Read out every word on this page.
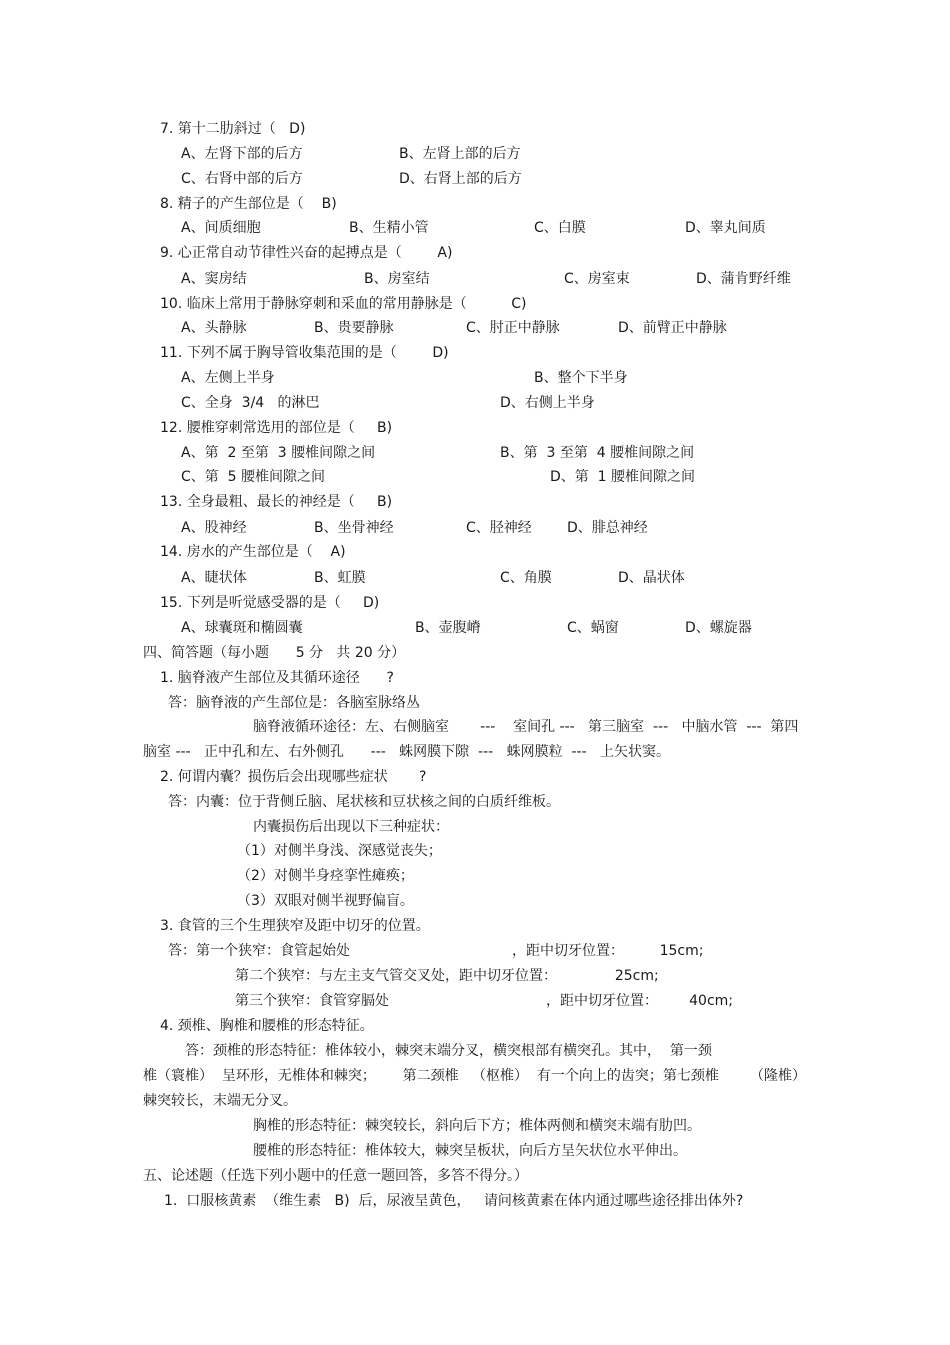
7. 第十二肋斜过（   D)
A、左肾下部的后方	B、左肾上部的后方
C、右肾中部的后方	D、右肾上部的后方
8. 精子的产生部位是（    B)
A、间质细胞	B、生精小管	C、白膜	D、睾丸间质
9. 心正常自动节律性兴奋的起搏点是（        A)
A、窦房结	B、房室结	C、房室束	D、蒲肯野纤维
10. 临床上常用于静脉穿刺和采血的常用静脉是（          C)
A、头静脉	B、贵要静脉	C、肘正中静脉	D、前臂正中静脉
11. 下列不属于胸导管收集范围的是（        D)
A、左侧上半身	B、整个下半身
C、全身  3/4   的淋巴	D、右侧上半身
12. 腰椎穿刺常选用的部位是（     B)
A、第  2 至第  3 腰椎间隙之间	B、第  3 至第  4 腰椎间隙之间
C、第  5 腰椎间隙之间	D、第  1 腰椎间隙之间
13. 全身最粗、最长的神经是（     B)
A、股神经	B、坐骨神经	C、胫神经	D、腓总神经
14. 房水的产生部位是（    A)
A、睫状体	B、虹膜	C、角膜	D、晶状体
15. 下列是听觉感受器的是（     D)
A、球囊斑和椭圆囊	B、壶腹嵴	C、蜗窗	D、螺旋器
四、简答题（每小题      5 分   共 20 分）
1. 脑脊液产生部位及其循环途径      ?
答：脑脊液的产生部位是：各脑室脉络丛
脑脊液循环途径：左、右侧脑室       ---    室间孔 ---   第三脑室  ---   中脑水管  ---  第四
脑室 ---   正中孔和左、右外侧孔      ---   蛛网膜下隙  ---   蛛网膜粒  ---   上矢状窦。
2. 何谓内囊？损伤后会出现哪些症状       ?
答：内囊：位于背侧丘脑、尾状核和豆状核之间的白质纤维板。
内囊损伤后出现以下三种症状：
（1）对侧半身浅、深感觉丧失；
（2）对侧半身痉挛性瘫痪；
（3）双眼对侧半视野偏盲。
3. 食管的三个生理狭窄及距中切牙的位置。
答：第一个狭窄：食管起始处	，距中切牙位置：        15cm;
第二个狭窄：与左主支气管交叉处，距中切牙位置：             25cm;
第三个狭窄：食管穿膈处	，距中切牙位置：       40cm;
4. 颈椎、胸椎和腰椎的形态特征。
答：颈椎的形态特征：椎体较小，棘突末端分叉，横突根部有横突孔。其中，  第一颈
椎（寰椎）  呈环形，无椎体和棘突；      第二颈椎   （枢椎）  有一个向上的齿突；第七颈椎       （隆椎）
棘突较长，末端无分叉。
胸椎的形态特征：棘突较长，斜向后下方；椎体两侧和横突末端有肋凹。
腰椎的形态特征：椎体较大，棘突呈板状，向后方呈矢状位水平伸出。
五、论述题（任选下列小题中的任意一题回答，多答不得分。）
1.  口服核黄素  （维生素   B)  后，尿液呈黄色，   请问核黄素在体内通过哪些途径排出体外?
